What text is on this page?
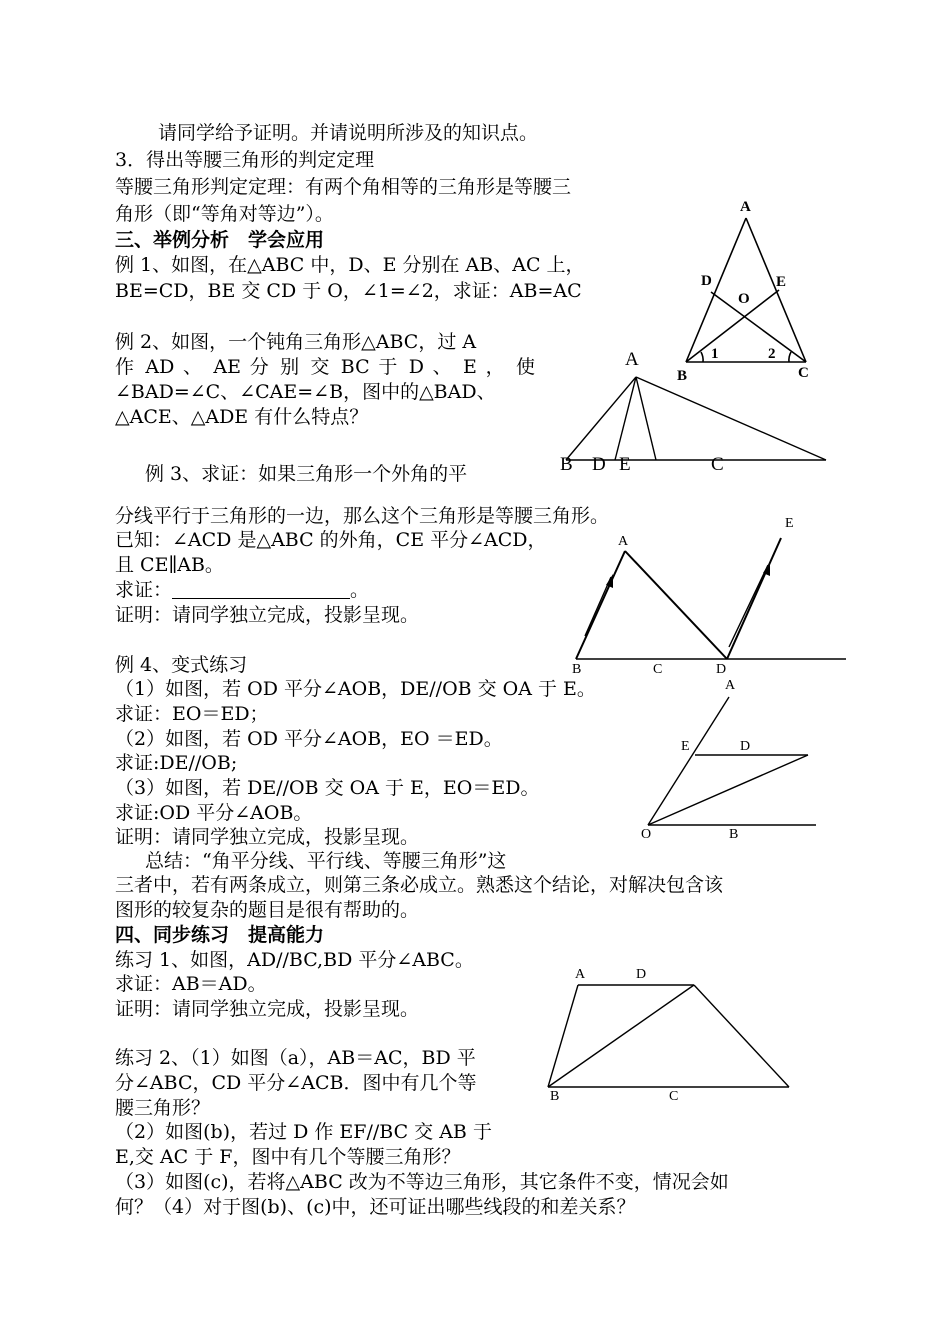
请同学给予证明。并请说明所涉及的知识点。
3．得出等腰三角形的判定定理
等腰三角形判定定理：有两个角相等的三角形是等腰三
角形（即“等角对等边”）。
三、举例分析　学会应用
例 1、如图，在△ABC 中，D、E 分别在 AB、AC 上，
BE=CD，BE 交 CD 于 O，∠1=∠2，求证：AB=AC
例 2、如图，一个钝角三角形△ABC，过 A
作 AD 、 AE 分 别 交 BC 于 D 、 E ， 使
∠BAD=∠C、∠CAE=∠B，图中的△BAD、
△ACE、△ADE 有什么特点？
例 3、求证：如果三角形一个外角的平
分线平行于三角形的一边，那么这个三角形是等腰三角形。
已知：∠ACD 是△ABC 的外角，CE 平分∠ACD，
且 CE∥AB。
求证：	。
证明：请同学独立完成，投影呈现。
例 4、变式练习
（1）如图，若 OD 平分∠AOB，DE//OB 交 OA 于 E。
求证：EO＝ED；
（2）如图，若 OD 平分∠AOB，EO ＝ED。
求证:DE//OB;
（3）如图，若 DE//OB 交 OA 于 E，EO＝ED。
求证:OD 平分∠AOB。
证明：请同学独立完成，投影呈现。
总结：“角平分线、平行线、等腰三角形”这
三者中，若有两条成立，则第三条必成立。熟悉这个结论，对解决包含该
图形的较复杂的题目是很有帮助的。
四、同步练习　提高能力
练习 1、如图，AD//BC,BD 平分∠ABC。
求证：AB＝AD。
证明：请同学独立完成，投影呈现。
练习 2、（1）如图（a），AB＝AC，BD 平
分∠ABC，CD 平分∠ACB．图中有几个等
腰三角形？
（2）如图(b)，若过 D 作 EF//BC 交 AB 于
E,交 AC 于 F，图中有几个等腰三角形？
（3）如图(c)，若将△ABC 改为不等边三角形，其它条件不变，情况会如
何？（4）对于图(b)、(c)中，还可证出哪些线段的和差关系？
A
D	E
O
1	2
B	C
A
B D E	C
A
E
B	C	D
A
E	D
O	B
A	D
B	C
